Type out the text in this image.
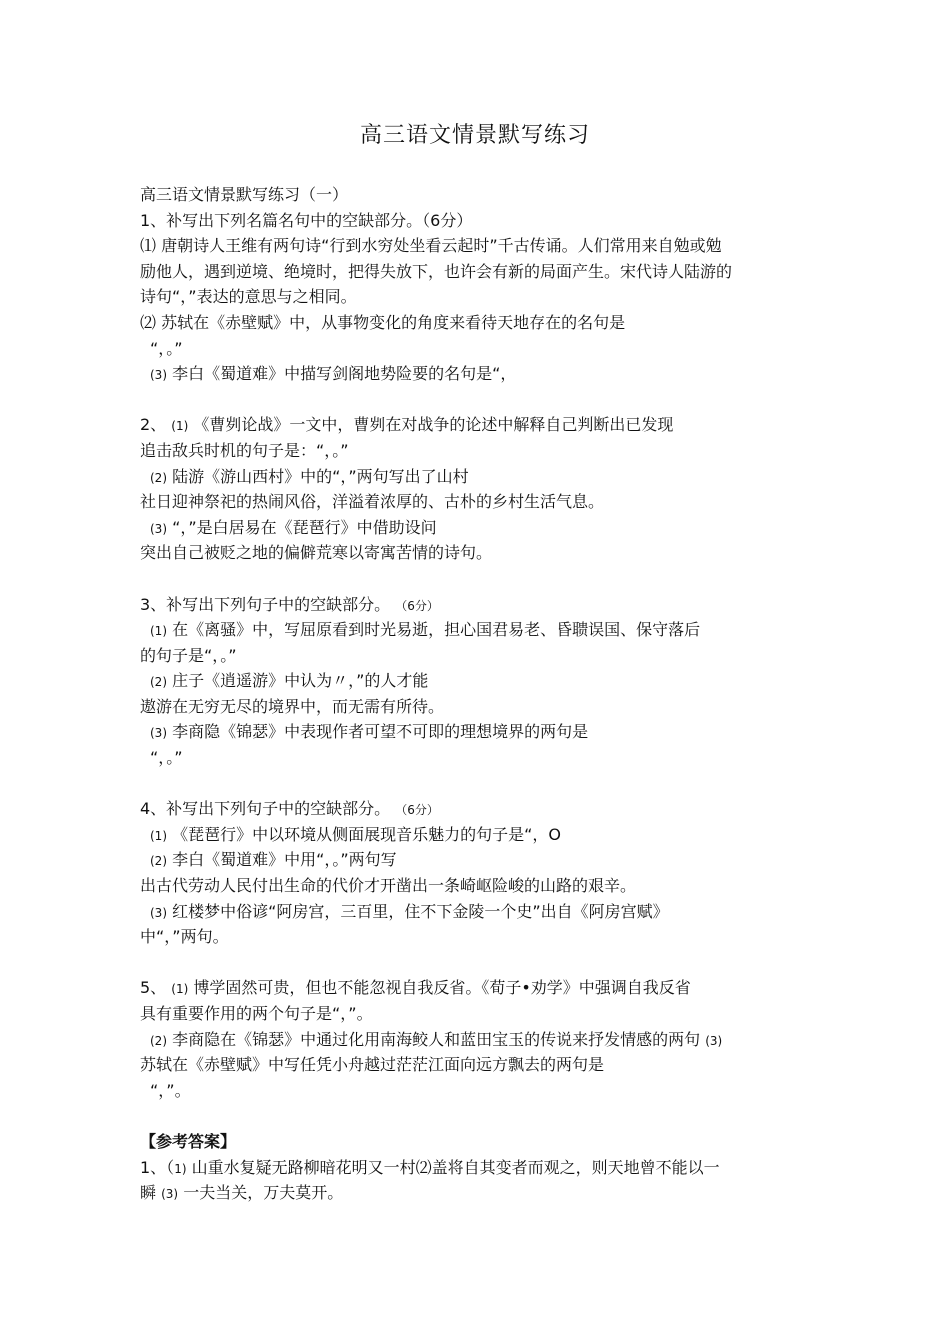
高三语文情景默写练习
高三语文情景默写练习（一）
1、补写出下列名篇名句中的空缺部分。（6分）
⑴ 唐朝诗人王维有两句诗“行到水穷处坐看云起时”千古传诵。人们常用来自勉或勉
励他人，遇到逆境、绝境时，把得失放下，也许会有新的局面产生。宋代诗人陆游的
诗句“，”表达的意思与之相同。
⑵ 苏轼在《赤壁赋》中，从事物变化的角度来看待天地存在的名句是
“，。”
(3) 李白《蜀道难》中描写剑阁地势险要的名句是“，
2、 (1) 《曹刿论战》一文中，曹刿在对战争的论述中解释自己判断出已发现
追击敌兵时机的句子是：“，。”
(2) 陆游《游山西村》中的“，”两句写出了山村
社日迎神祭祀的热闹风俗，洋溢着浓厚的、古朴的乡村生活气息。
(3) “，”是白居易在《琵琶行》中借助设问
突出自己被贬之地的偏僻荒寒以寄寓苦情的诗句。
3、补写出下列句子中的空缺部分。 （6分）
(1) 在《离骚》中，写屈原看到时光易逝，担心国君易老、昏聩误国、保守落后
的句子是“，。”
(2) 庄子《逍遥游》中认为〃，”的人才能
遨游在无穷无尽的境界中，而无需有所待。
(3) 李商隐《锦瑟》中表现作者可望不可即的理想境界的两句是
“，。”
4、补写出下列句子中的空缺部分。 （6分）
(1) 《琵琶行》中以环境从侧面展现音乐魅力的句子是“，O
(2) 李白《蜀道难》中用“，。”两句写
出古代劳动人民付出生命的代价才开凿出一条崎岖险峻的山路的艰辛。
(3) 红楼梦中俗谚“阿房宫，三百里，住不下金陵一个史”出自《阿房宫赋》
中“，”两句。
5、 (1) 博学固然可贵，但也不能忽视自我反省。《荀子•劝学》中强调自我反省
具有重要作用的两个句子是“，”。
(2) 李商隐在《锦瑟》中通过化用南海鲛人和蓝田宝玉的传说来抒发情感的两句 (3)
苏轼在《赤壁赋》中写任凭小舟越过茫茫江面向远方飘去的两句是
“，”。
【参考答案】
1、（1) 山重水复疑无路柳暗花明又一村⑵盖将自其变者而观之，则天地曾不能以一
瞬 (3) 一夫当关，万夫莫开。
